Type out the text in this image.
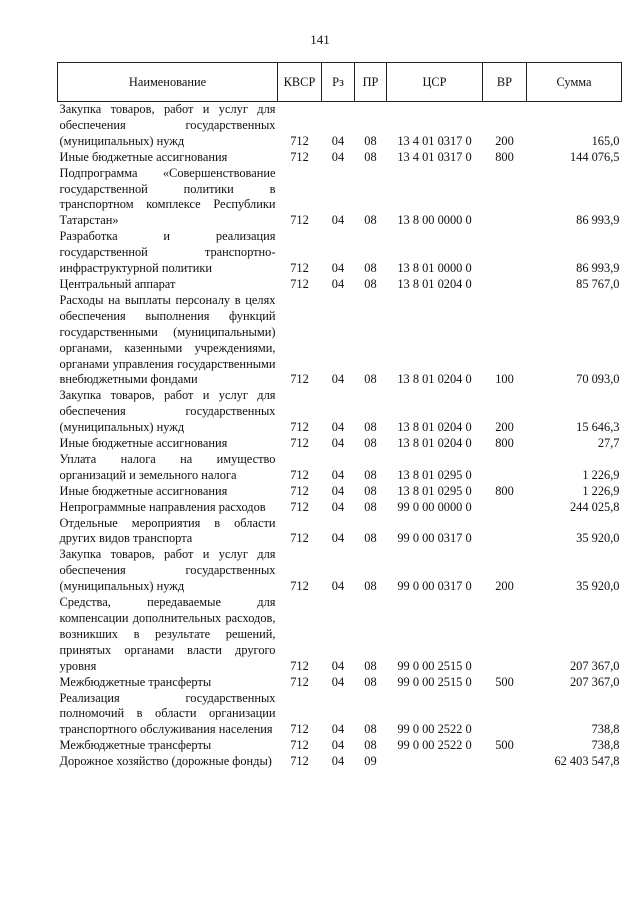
141
Наименование	КВСР	Рз	ПР	ЦСР	ВР	Сумма
Закупка товаров, работ и услуг для обеспечения государственных (муниципальных) нужд	712	04	08	13 4 01 0317 0	200	165,0
Иные бюджетные ассигнования	712	04	08	13 4 01 0317 0	800	144 076,5
Подпрограмма «Совершенствование государственной политики в транспортном комплексе Республики Татарстан»	712	04	08	13 8 00 0000 0		86 993,9
Разработка и реализация государственной транспортно-инфраструктурной политики	712	04	08	13 8 01 0000 0		86 993,9
Центральный аппарат	712	04	08	13 8 01 0204 0		85 767,0
Расходы на выплаты персоналу в целях обеспечения выполнения функций государственными (муниципальными) органами, казенными учреждениями, органами управления государственными внебюджетными фондами	712	04	08	13 8 01 0204 0	100	70 093,0
Закупка товаров, работ и услуг для обеспечения государственных (муниципальных) нужд	712	04	08	13 8 01 0204 0	200	15 646,3
Иные бюджетные ассигнования	712	04	08	13 8 01 0204 0	800	27,7
Уплата налога на имущество организаций и земельного налога	712	04	08	13 8 01 0295 0		1 226,9
Иные бюджетные ассигнования	712	04	08	13 8 01 0295 0	800	1 226,9
Непрограммные направления расходов	712	04	08	99 0 00 0000 0		244 025,8
Отдельные мероприятия в области других видов транспорта	712	04	08	99 0 00 0317 0		35 920,0
Закупка товаров, работ и услуг для обеспечения государственных (муниципальных) нужд	712	04	08	99 0 00 0317 0	200	35 920,0
Средства, передаваемые для компенсации дополнительных расходов, возникших в результате решений, принятых органами власти другого уровня	712	04	08	99 0 00 2515 0		207 367,0
Межбюджетные трансферты	712	04	08	99 0 00 2515 0	500	207 367,0
Реализация государственных полномочий в области организации транспортного обслуживания населения	712	04	08	99 0 00 2522 0		738,8
Межбюджетные трансферты	712	04	08	99 0 00 2522 0	500	738,8
Дорожное хозяйство (дорожные фонды)	712	04	09			62 403 547,8
